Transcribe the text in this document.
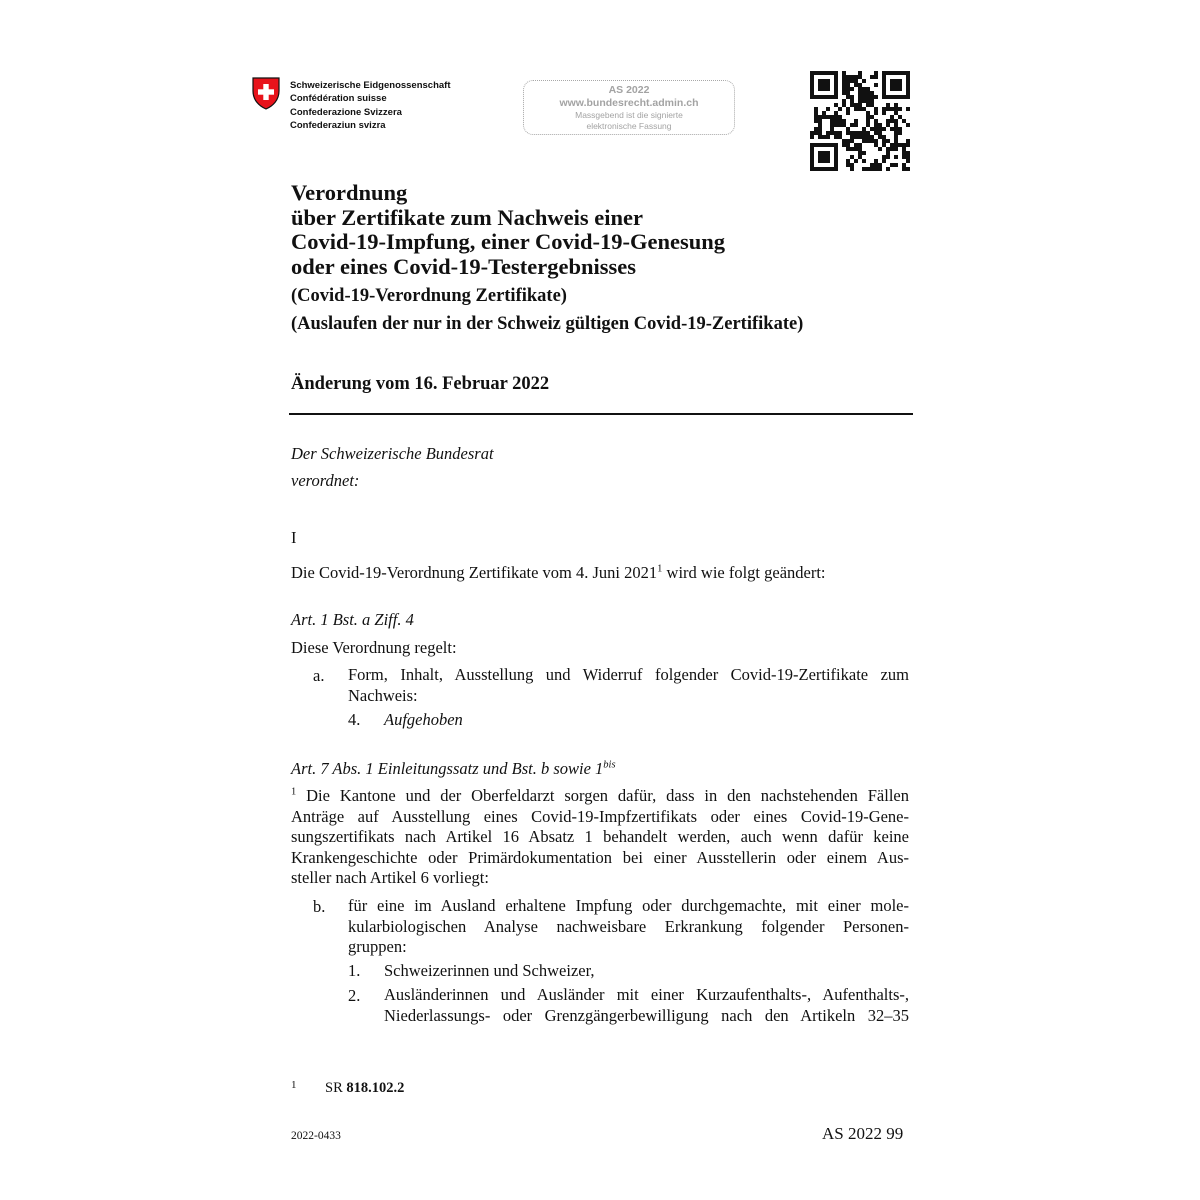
Schweizerische Eidgenossenschaft
Confédération suisse
Confederazione Svizzera
Confederaziun svizra
AS 2022
www.bundesrecht.admin.ch
Massgebend ist die signierte
elektronische Fassung
Verordnung
über Zertifikate zum Nachweis einer
Covid-19-Impfung, einer Covid-19-Genesung
oder eines Covid-19-Testergebnisses
(Covid-19-Verordnung Zertifikate)
(Auslaufen der nur in der Schweiz gültigen Covid-19-Zertifikate)
Änderung vom 16. Februar 2022
Der Schweizerische Bundesrat
verordnet:
I
Die Covid-19-Verordnung Zertifikate vom 4. Juni 2021$^1$ wird wie folgt geändert:
Art. 1 Bst. a Ziff. 4
Diese Verordnung regelt:
a. Form, Inhalt, Ausstellung und Widerruf folgender Covid-19-Zertifikate zum
Nachweis:
4. Aufgehoben
Art. 7 Abs. 1 Einleitungssatz und Bst. b sowie $1^{bis}$
$^1$ Die Kantone und der Oberfeldarzt sorgen dafür, dass in den nachstehenden Fällen
Anträge auf Ausstellung eines Covid-19-Impfzertifikats oder eines Covid-19-Gene-
sungszertifikats nach Artikel 16 Absatz 1 behandelt werden, auch wenn dafür keine
Krankengeschichte oder Primärdokumentation bei einer Ausstellerin oder einem Aus-
steller nach Artikel 6 vorliegt:
b. für eine im Ausland erhaltene Impfung oder durchgemachte, mit einer mole-
kularbiologischen Analyse nachweisbare Erkrankung folgender Personen-
gruppen:
1. Schweizerinnen und Schweizer,
2. Ausländerinnen und Ausländer mit einer Kurzaufenthalts-, Aufenthalts-,
Niederlassungs- oder Grenzgängerbewilligung nach den Artikeln 32–35
1 SR 818.102.2
2022-0433	AS 2022 99
